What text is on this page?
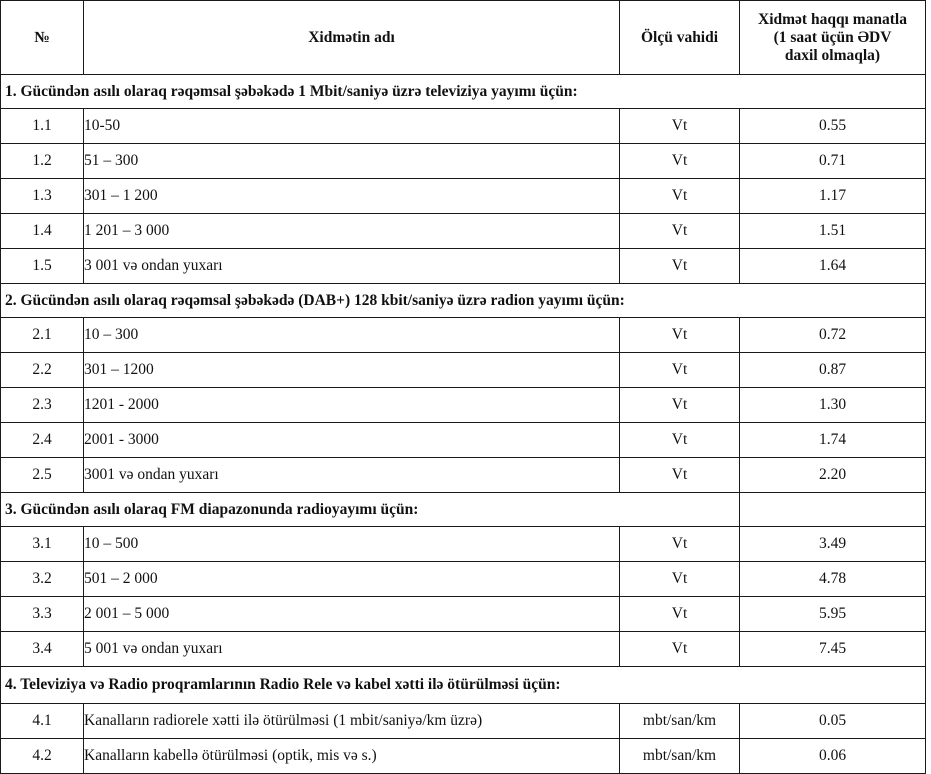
№	Xidmətin adı	Ölçü vahidi	Xidmət haqqı manatla
(1 saat üçün ƏDV
daxil olmaqla)

1. Gücündən asılı olaraq rəqəmsal şəbəkədə 1 Mbit/saniyə üzrə televiziya yayımı üçün:			
1.1	10-50	Vt	0.55
1.2	51 – 300	Vt	0.71
1.3	301 – 1 200	Vt	1.17
1.4	1 201 – 3 000	Vt	1.51
1.5	3 001 və ondan yuxarı	Vt	1.64
2. Gücündən asılı olaraq rəqəmsal şəbəkədə (DAB+) 128 kbit/saniyə üzrə radion yayımı üçün:			
2.1	10 – 300	Vt	0.72
2.2	301 – 1200	Vt	0.87
2.3	1201 - 2000	Vt	1.30
2.4	2001 - 3000	Vt	1.74
2.5	3001 və ondan yuxarı	Vt	2.20
3. Gücündən asılı olaraq FM diapazonunda radioyayımı üçün:			
3.1	10 – 500	Vt	3.49
3.2	501 – 2 000	Vt	4.78
3.3	2 001 – 5 000	Vt	5.95
3.4	5 001 və ondan yuxarı	Vt	7.45
4. Televiziya və Radio proqramlarının Radio Rele və kabel xətti ilə ötürülməsi üçün:			
4.1	Kanalların radiorele xətti ilə ötürülməsi (1 mbit/saniyə/km üzrə)	mbt/san/km	0.05
4.2	Kanalların kabellə ötürülməsi (optik, mis və s.)	mbt/san/km	0.06
